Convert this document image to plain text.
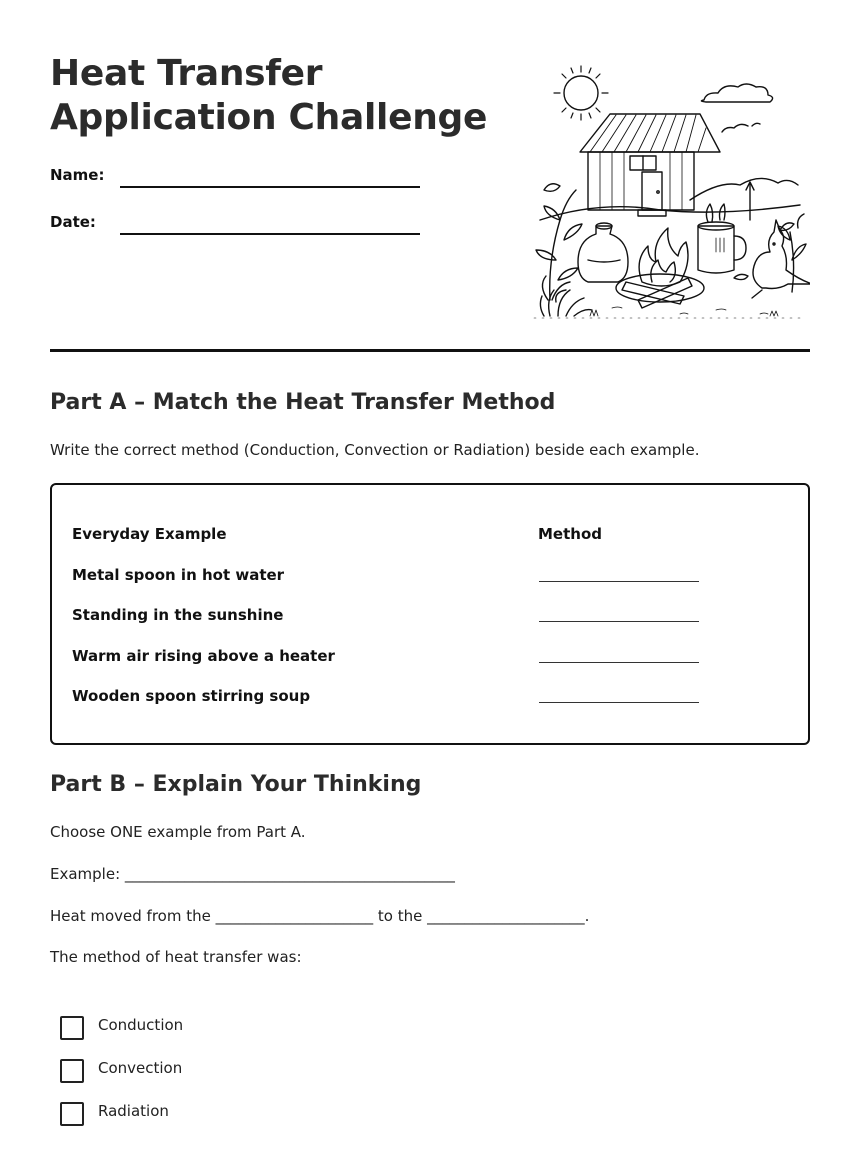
Heat Transfer
Application Challenge
Name:
Date:
Part A – Match the Heat Transfer Method
Write the correct method (Conduction, Convection or Radiation) beside each example.
Everyday Example	Method
Metal spoon in hot water
Standing in the sunshine
Warm air rising above a heater
Wooden spoon stirring soup
Part B – Explain Your Thinking
Choose ONE example from Part A.
Example: ____________________________________________
Heat moved from the _____________________ to the _____________________.
The method of heat transfer was:
Conduction
Convection
Radiation
